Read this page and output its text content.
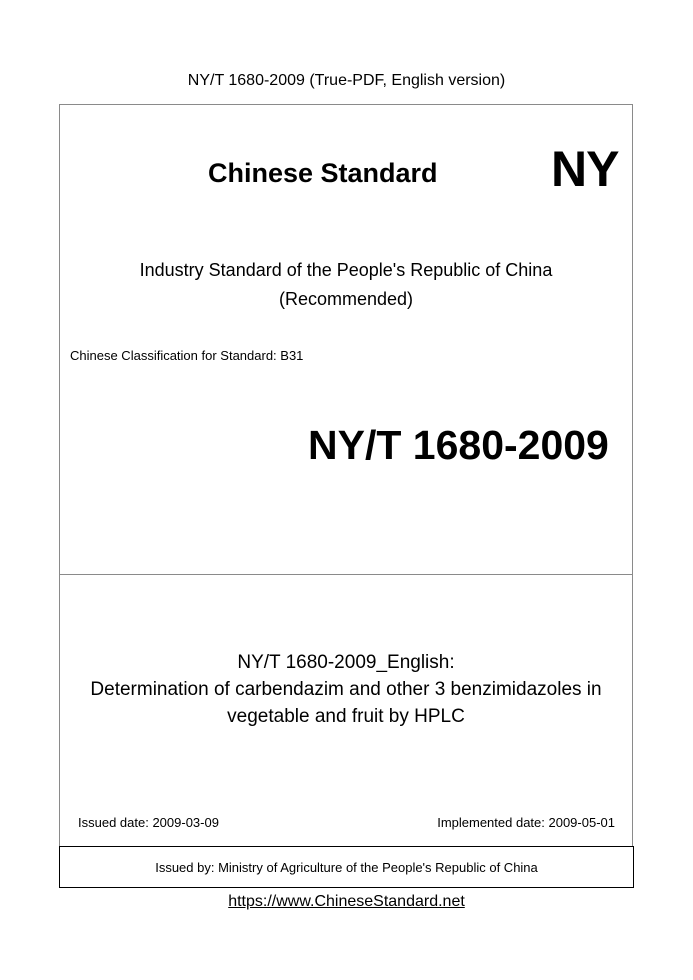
NY/T 1680-2009 (True-PDF, English version)
Chinese Standard NY
Industry Standard of the People's Republic of China
(Recommended)
Chinese Classification for Standard: B31
NY/T 1680-2009
NY/T 1680-2009_English:
Determination of carbendazim and other 3 benzimidazoles in
vegetable and fruit by HPLC
Issued date: 2009-03-09	Implemented date: 2009-05-01
Issued by: Ministry of Agriculture of the People's Republic of China
https://www.ChineseStandard.net
